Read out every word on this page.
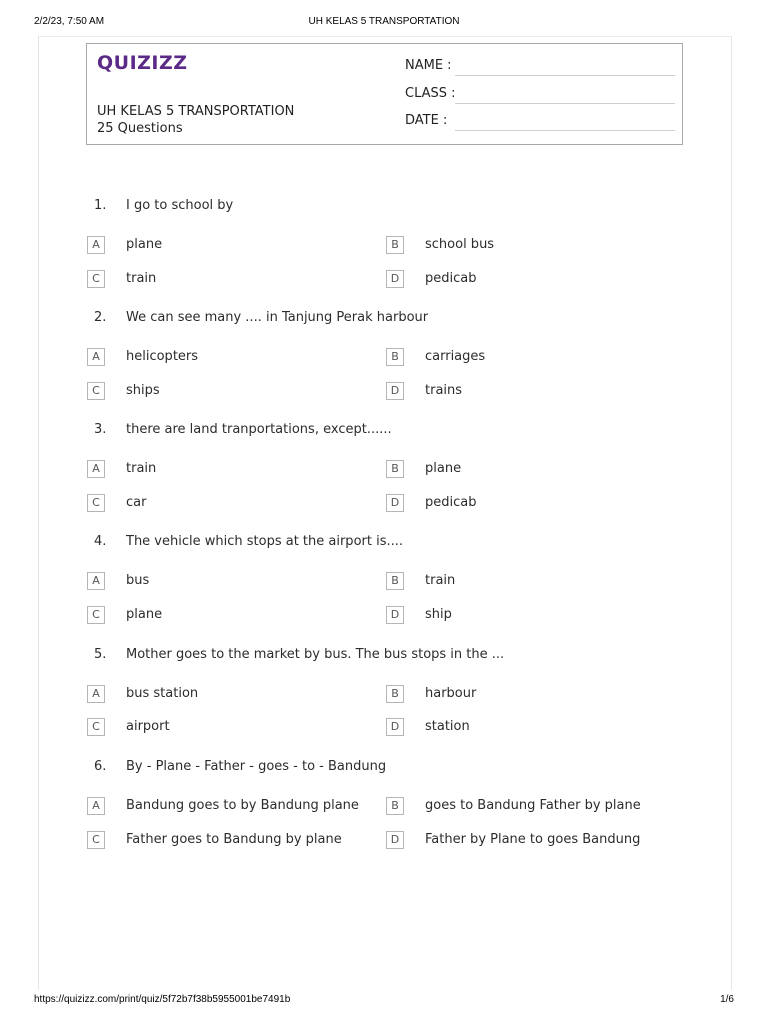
2/2/23, 7:50 AM	UH KELAS 5 TRANSPORTATION
QUIZIZZ
UH KELAS 5 TRANSPORTATION
25 Questions
NAME :
CLASS :
DATE :
1. I go to school by
A	plane	B	school bus
C	train	D	pedicab
2. We can see many .... in Tanjung Perak harbour
A	helicopters	B	carriages
C	ships	D	trains
3. there are land tranportations, except......
A	train	B	plane
C	car	D	pedicab
4. The vehicle which stops at the airport is....
A	bus	B	train
C	plane	D	ship
5. Mother goes to the market by bus. The bus stops in the ...
A	bus station	B	harbour
C	airport	D	station
6. By - Plane - Father - goes - to - Bandung
A	Bandung goes to by Bandung plane	B	goes to Bandung Father by plane
C	Father goes to Bandung by plane	D	Father by Plane to goes Bandung
https://quizizz.com/print/quiz/5f72b7f38b5955001be7491b	1/6
